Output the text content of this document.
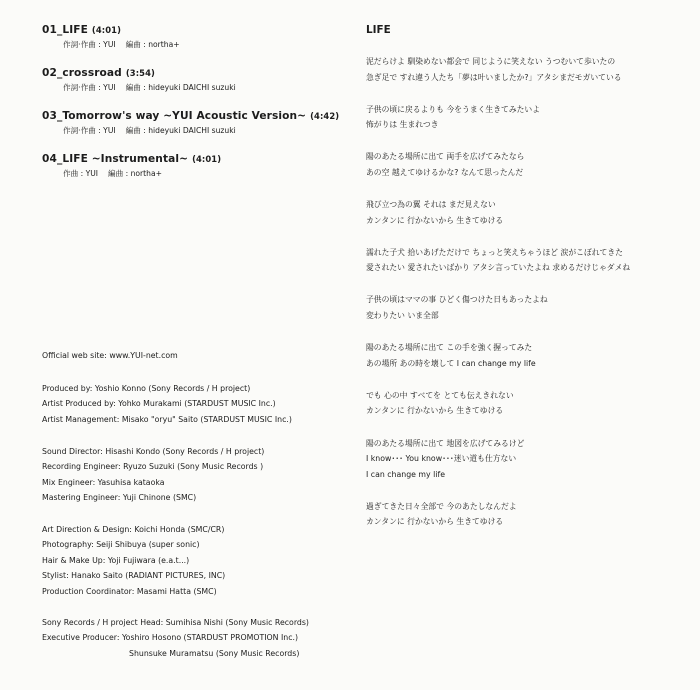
01_LIFE (4:01)
作詞·作曲 : YUI 編曲 : northa+
02_crossroad (3:54)
作詞·作曲 : YUI 編曲 : hideyuki DAICHI suzuki
03_Tomorrow's way ~YUI Acoustic Version~ (4:42)
作詞·作曲 : YUI 編曲 : hideyuki DAICHI suzuki
04_LIFE ~Instrumental~ (4:01)
作曲 : YUI 編曲 : northa+
Official web site: www.YUI-net.com
Produced by: Yoshio Konno (Sony Records / H project)
Artist Produced by: Yohko Murakami (STARDUST MUSIC Inc.)
Artist Management: Misako "oryu" Saito (STARDUST MUSIC Inc.)
Sound Director: Hisashi Kondo (Sony Records / H project)
Recording Engineer: Ryuzo Suzuki (Sony Music Records )
Mix Engineer: Yasuhisa kataoka
Mastering Engineer: Yuji Chinone (SMC)
Art Direction & Design: Koichi Honda (SMC/CR)
Photography: Seiji Shibuya (super sonic)
Hair & Make Up: Yoji Fujiwara (e.a.t...)
Stylist: Hanako Saito (RADIANT PICTURES, INC)
Production Coordinator: Masami Hatta (SMC)
Sony Records / H project Head: Sumihisa Nishi (Sony Music Records)
Executive Producer: Yoshiro Hosono (STARDUST PROMOTION Inc.)
Shunsuke Muramatsu (Sony Music Records)
LIFE
泥だらけよ 馴染めない都会で 同じように笑えない うつむいて歩いたの
急ぎ足で すれ違う人たち「夢は叶いましたか?」アタシまだモガいている
子供の頃に戻るよりも 今をうまく生きてみたいよ
怖がりは 生まれつき
陽のあたる場所に出て 両手を広げてみたなら
あの空 越えてゆけるかな? なんて思ったんだ
飛び立つ為の翼 それは まだ見えない
カンタンに 行かないから 生きてゆける
濡れた子犬 拾いあげただけで ちょっと笑えちゃうほど 涙がこぼれてきた
愛されたい 愛されたいばかり アタシ言っていたよね 求めるだけじゃダメね
子供の頃はママの事 ひどく傷つけた日もあったよね
変わりたい いま全部
陽のあたる場所に出て この手を強く握ってみた
あの場所 あの時を壊して I can change my life
でも 心の中 すべてを とても伝えきれない
カンタンに 行かないから 生きてゆける
陽のあたる場所に出て 地図を広げてみるけど
I know･･･ You know･･･迷い道も仕方ない
I can change my life
過ぎてきた日々全部で 今のあたしなんだよ
カンタンに 行かないから 生きてゆける
